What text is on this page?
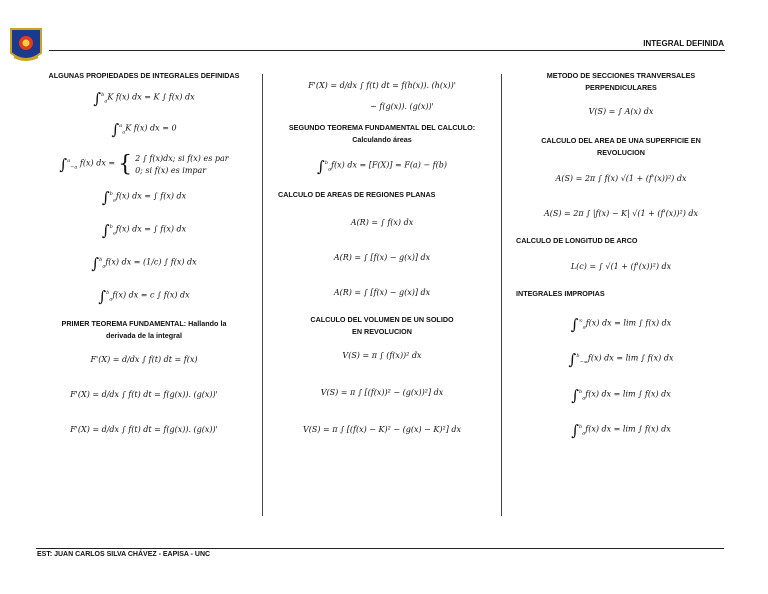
INTEGRAL DEFINIDA
ALGUNAS PROPIEDADES DE INTEGRALES DEFINIDAS
∫$^b_a$K f(x) dx = K ∫ f(x) dx
∫$^a_a$K f(x) dx = 0
∫$^a_{-a}$ f(x) dx = { 2 ∫ f(x)dx; si f(x) es par
0; si f(x) es impar
∫$^b_a$f(x) dx = ∫ f(x) dx
∫$^b_a$f(x) dx = ∫ f(x) dx
∫$^b_a$f(x) dx = (1/c) ∫ f(x) dx
∫$^b_a$f(x) dx = c ∫ f(x) dx
PRIMER TEOREMA FUNDAMENTAL: Hallando la derivada de la integral
F'(X) = d/dx ∫ f(t) dt = f(x)
F'(X) = d/dx ∫ f(t) dt = f(g(x)). (g(x))'
F'(X) = d/dx ∫ f(t) dt = f(g(x)). (g(x))'
F'(X) = d/dx ∫ f(t) dt = f(h(x)). (h(x))'
− f(g(x)). (g(x))'
SEGUNDO TEOREMA FUNDAMENTAL DEL CALCULO:
Calculando áreas
∫$^b_a$f(x) dx = [F(X)] = F(a) − f(b)
CALCULO DE AREAS DE REGIONES PLANAS
A(R) = ∫ f(x) dx
A(R) = ∫ [f(x) − g(x)] dx
A(R) = ∫ [f(x) − g(x)] dx
CALCULO DEL VOLUMEN DE UN SOLIDO EN REVOLUCION
V(S) = π ∫ (f(x))² dx
V(S) = π ∫ [(f(x))² − (g(x))²] dx
V(S) = π ∫ [(f(x) − K)² − (g(x) − K)²] dx
METODO DE SECCIONES TRANVERSALES PERPENDICULARES
V(S) = ∫ A(x) dx
CALCULO DEL AREA DE UNA SUPERFICIE EN REVOLUCION
A(S) = 2π ∫ f(x) √(1 + (f'(x))²) dx
A(S) = 2π ∫ |f(x) − K| √(1 + (f'(x))²) dx
CALCULO DE LONGITUD DE ARCO
L(c) = ∫ √(1 + (f'(x))²) dx
INTEGRALES IMPROPIAS
$\int^\infty_af(x)$ dx = lim ∫ f(x) dx
∫$^b_{-\infty}$f(x) dx = lim ∫ f(x) dx
∫$^b_a$f(x) dx = lim ∫ f(x) dx
∫$^b_a$f(x) dx = lim ∫ f(x) dx
EST: JUAN CARLOS SILVA CHÁVEZ - EAPISA - UNC
